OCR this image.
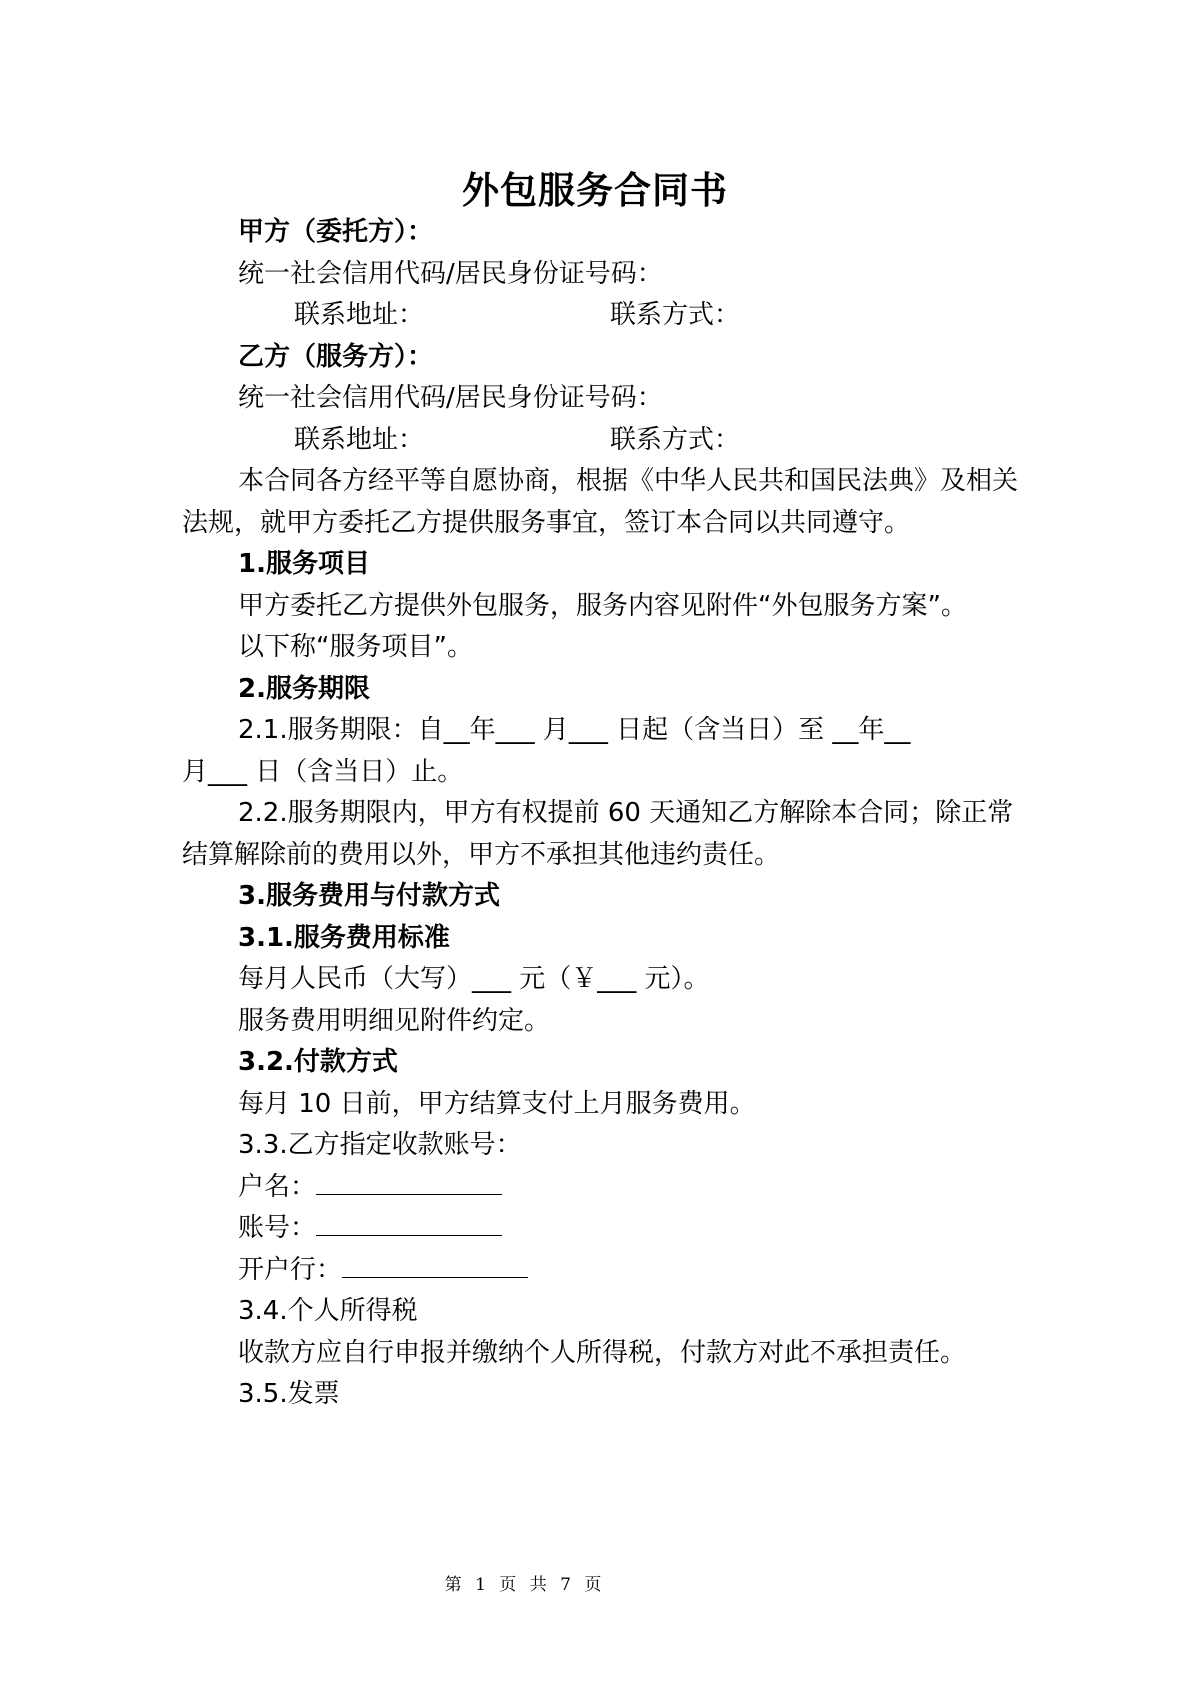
外包服务合同书

甲方（委托方）：

统一社会信用代码/居民身份证号码：

联系地址：	联系方式：

乙方（服务方）：

统一社会信用代码/居民身份证号码：

联系地址：	联系方式：

本合同各方经平等自愿协商，根据《中华人民共和国民法典》及相关法规，就甲方委托乙方提供服务事宜，签订本合同以共同遵守。

1.服务项目

甲方委托乙方提供外包服务，服务内容见附件“外包服务方案”。

以下称“服务项目”。

2.服务期限

2.1.服务期限：自__年___ 月___ 日起（含当日）至 __年__

月___ 日（含当日）止。

2.2.服务期限内，甲方有权提前 60 天通知乙方解除本合同；除正常结算解除前的费用以外，甲方不承担其他违约责任。

3.服务费用与付款方式

3.1.服务费用标准

每月人民币（大写）___ 元（￥___ 元）。

服务费用明细见附件约定。

3.2.付款方式

每月 10 日前，甲方结算支付上月服务费用。

3.3.乙方指定收款账号：

户名：

账号：

开户行：

3.4.个人所得税

收款方应自行申报并缴纳个人所得税，付款方对此不承担责任。

3.5.发票

第 1 页 共 7 页
